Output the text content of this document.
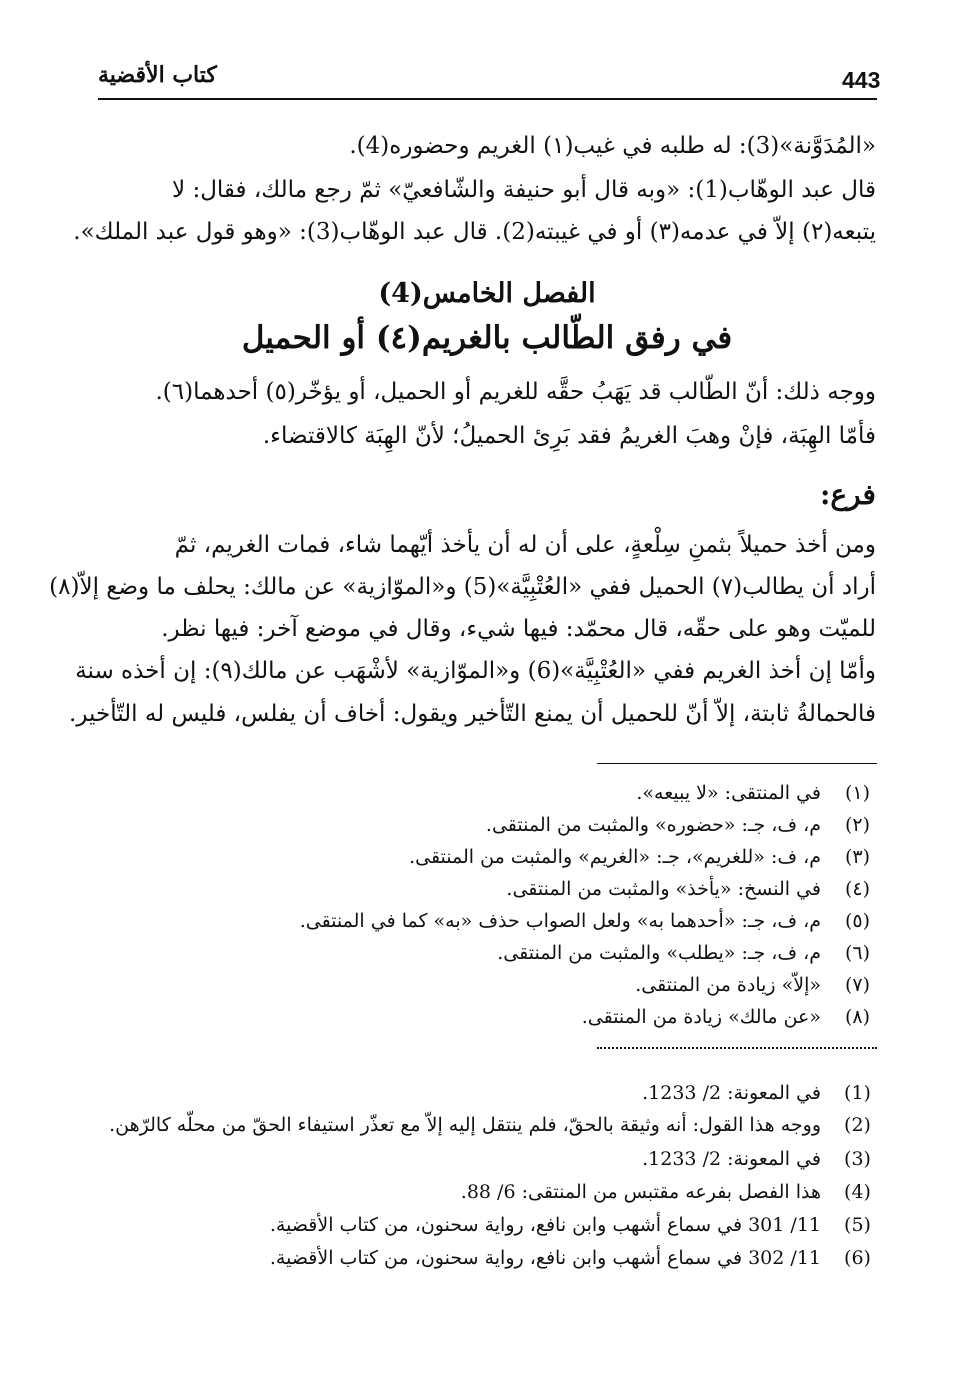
443
كتاب الأقضية
«المُدَوَّنة»(3): له طلبه في غيب(١) الغريم وحضوره(4).
قال عبد الوهّاب(1): «وبه قال أبو حنيفة والشّافعيّ» ثمّ رجع مالك، فقال: لا
يتبعه(٢) إلاّ في عدمه(٣) أو في غيبته(2). قال عبد الوهّاب(3): «وهو قول عبد الملك».
الفصل الخامس(4)
في رفق الطّالب بالغريم(٤) أو الحميل
ووجه ذلك: أنّ الطّالب قد يَهَبُ حقَّه للغريم أو الحميل، أو يؤخّر(٥) أحدهما(٦).
فأمّا الهِبَة، فإنْ وهبَ الغريمُ فقد بَرِئ الحميلُ؛ لأنّ الهِبَة كالاقتضاء.
فرع:
ومن أخذ حميلاً بثمنِ سِلْعةٍ، على أن له أن يأخذ أيّهما شاء، فمات الغريم، ثمّ
أراد أن يطالب(٧) الحميل ففي «العُتْبِيَّة»(5) و«الموّازية» عن مالك: يحلف ما وضع إلاّ(٨)
للميّت وهو على حقّه، قال محمّد: فيها شيء، وقال في موضع آخر: فيها نظر.
وأمّا إن أخذ الغريم ففي «العُتْبِيَّة»(6) و«الموّازية» لأشْهَب عن مالك(٩): إن أخذه سنة
فالحمالةُ ثابتة، إلاّ أنّ للحميل أن يمنع التّأخير ويقول: أخاف أن يفلس، فليس له التّأخير.
(١)
في المنتقى: «لا يبيعه».
(٢)
م، ف، جـ: «حضوره» والمثبت من المنتقى.
(٣)
م، ف: «للغريم»، جـ: «الغريم» والمثبت من المنتقى.
(٤)
في النسخ: «يأخذ» والمثبت من المنتقى.
(٥)
م، ف، جـ: «أحدهما به» ولعل الصواب حذف «به» كما في المنتقى.
(٦)
م، ف، جـ: «يطلب» والمثبت من المنتقى.
(٧)
«إلاّ» زيادة من المنتقى.
(٨)
«عن مالك» زيادة من المنتقى.
(1)
في المعونة: 2/ 1233.
(2)
ووجه هذا القول: أنه وثيقة بالحقّ، فلم ينتقل إليه إلاّ مع تعذّر استيفاء الحقّ من محلّه كالرّهن.
(3)
في المعونة: 2/ 1233.
(4)
هذا الفصل بفرعه مقتبس من المنتقى: 6/ 88.
(5)
11/ 301 في سماع أشهب وابن نافع، رواية سحنون، من كتاب الأقضية.
(6)
11/ 302 في سماع أشهب وابن نافع، رواية سحنون، من كتاب الأقضية.
